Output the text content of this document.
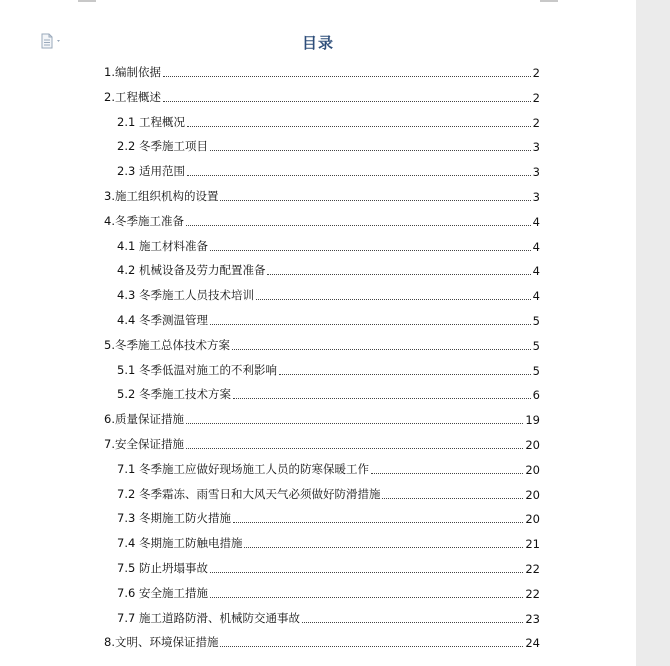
目录
1.编制依据	2
2.工程概述	2
2.1 工程概况	2
2.2 冬季施工项目	3
2.3 适用范围	3
3.施工组织机构的设置	3
4.冬季施工准备	4
4.1 施工材料准备	4
4.2 机械设备及劳力配置准备	4
4.3 冬季施工人员技术培训	4
4.4 冬季测温管理	5
5.冬季施工总体技术方案	5
5.1 冬季低温对施工的不利影响	5
5.2 冬季施工技术方案	6
6.质量保证措施	19
7.安全保证措施	20
7.1 冬季施工应做好现场施工人员的防寒保暖工作	20
7.2 冬季霜冻、雨雪日和大风天气必须做好防滑措施	20
7.3 冬期施工防火措施	20
7.4 冬期施工防触电措施	21
7.5 防止坍塌事故	22
7.6 安全施工措施	22
7.7 施工道路防滑、机械防交通事故	23
8.文明、环境保证措施	24
